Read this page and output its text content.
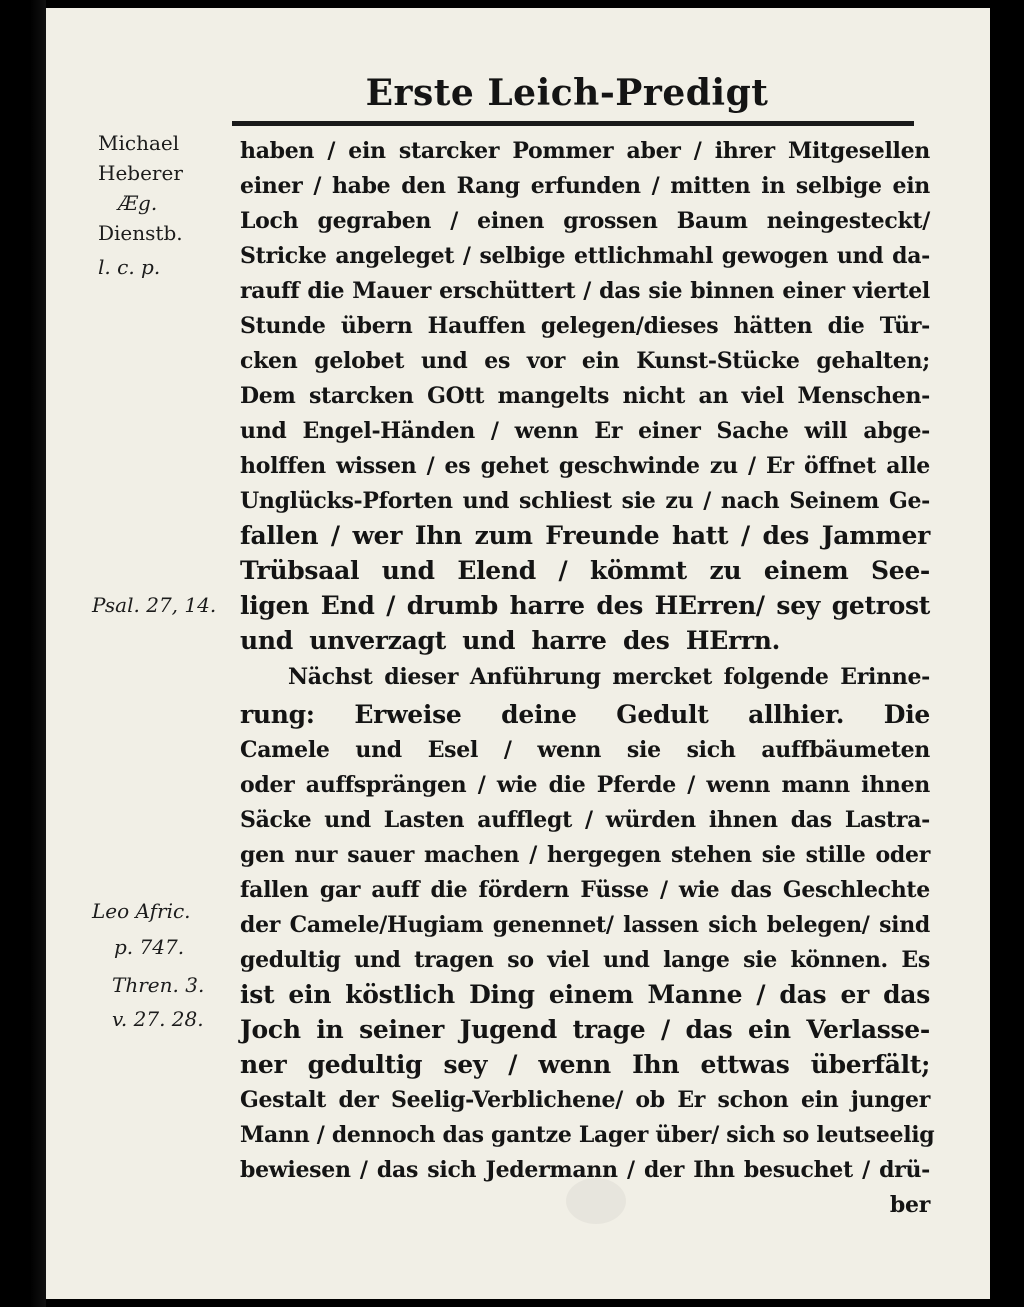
Erste Leich-Predigt
Michael
Heberer
Æg.
Dienstb.
l. c. p.
Psal. 27, 14.
Leo Afric.
p. 747.
Thren. 3.
v. 27. 28.
haben / ein starcker Pommer aber / ihrer Mitgesellen
einer / habe den Rang erfunden / mitten in selbige ein
Loch gegraben / einen grossen Baum neingesteckt/
Stricke angeleget / selbige ettlichmahl gewogen und da-
rauff die Mauer erschüttert / das sie binnen einer viertel
Stunde übern Hauffen gelegen/dieses hätten die Tür-
cken gelobet und es vor ein Kunst-Stücke gehalten;
Dem starcken GOtt mangelts nicht an viel Menschen-
und Engel-Händen / wenn Er einer Sache will abge-
holffen wissen / es gehet geschwinde zu / Er öffnet alle
Unglücks-Pforten und schliest sie zu / nach Seinem Ge-
fallen / wer Ihn zum Freunde hatt / des Jammer
Trübsaal und Elend / kömmt zu einem See-
ligen End / drumb harre des HErren/ sey getrost
und unverzagt und harre des HErrn.
Nächst dieser Anführung mercket folgende Erinne-
rung: Erweise deine Gedult allhier. Die
Camele und Esel / wenn sie sich auffbäumeten
oder auffsprängen / wie die Pferde / wenn mann ihnen
Säcke und Lasten aufflegt / würden ihnen das Lastra-
gen nur sauer machen / hergegen stehen sie stille oder
fallen gar auff die fördern Füsse / wie das Geschlechte
der Camele/Hugiam genennet/ lassen sich belegen/ sind
gedultig und tragen so viel und lange sie können. Es
ist ein köstlich Ding einem Manne / das er das
Joch in seiner Jugend trage / das ein Verlasse-
ner gedultig sey / wenn Ihn ettwas überfält;
Gestalt der Seelig-Verblichene/ ob Er schon ein junger
Mann / dennoch das gantze Lager über/ sich so leutseelig
bewiesen / das sich Jedermann / der Ihn besuchet / drü-
ber
